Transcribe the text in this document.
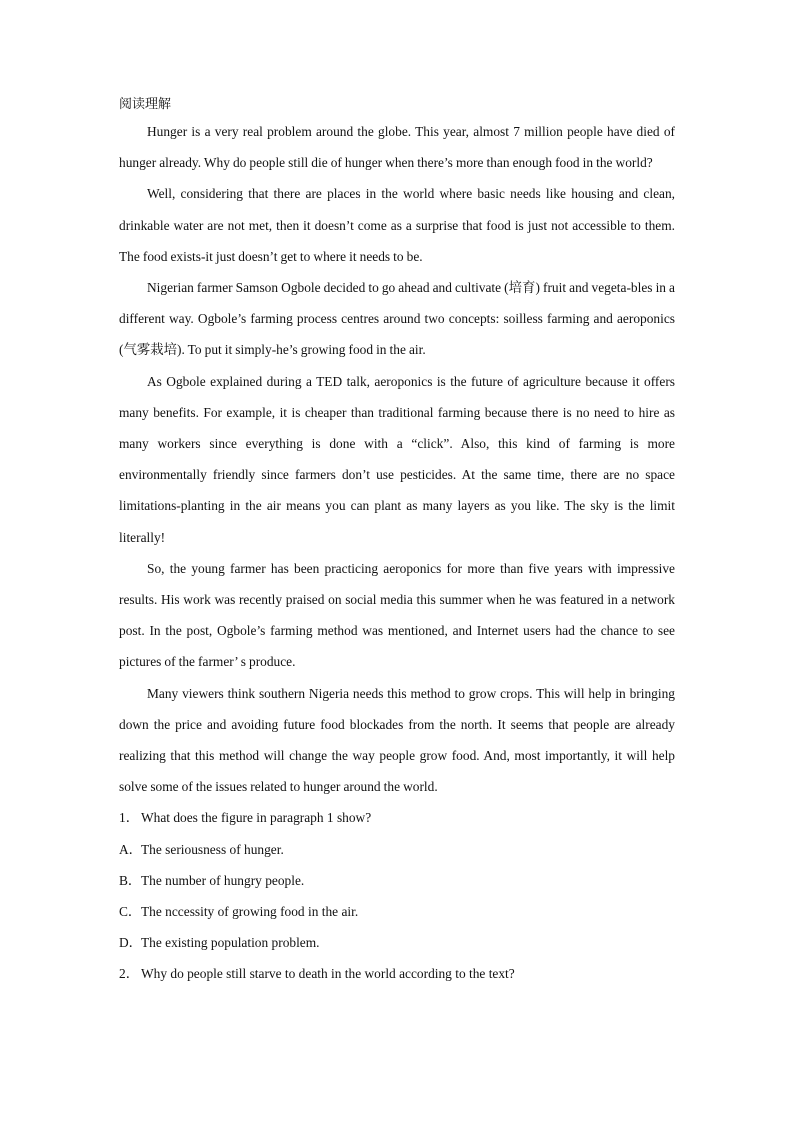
阅读理解

Hunger is a very real problem around the globe. This year, almost 7 million people have died of hunger already. Why do people still die of hunger when there’s more than enough food in the world?

Well, considering that there are places in the world where basic needs like housing and clean, drinkable water are not met, then it doesn’t come as a surprise that food is just not accessible to them. The food exists-it just doesn’t get to where it needs to be.

Nigerian farmer Samson Ogbole decided to go ahead and cultivate (培育) fruit and vegeta-bles in a different way. Ogbole’s farming process centres around two concepts: soilless farming and aeroponics (气雾栽培). To put it simply-he’s growing food in the air.

As Ogbole explained during a TED talk, aeroponics is the future of agriculture because it offers many benefits. For example, it is cheaper than traditional farming because there is no need to hire as many workers since everything is done with a “click”. Also, this kind of farming is more environmentally friendly since farmers don’t use pesticides. At the same time, there are no space limitations-planting in the air means you can plant as many layers as you like. The sky is the limit literally!

So, the young farmer has been practicing aeroponics for more than five years with impressive results. His work was recently praised on social media this summer when he was featured in a network post. In the post, Ogbole’s farming method was mentioned, and Internet users had the chance to see pictures of the farmer’ s produce.

Many viewers think southern Nigeria needs this method to grow crops. This will help in bringing down the price and avoiding future food blockades from the north. It seems that people are already realizing that this method will change the way people grow food. And, most importantly, it will help solve some of the issues related to hunger around the world.

1． What does the figure in paragraph 1 show?
A．The seriousness of hunger.
B．The number of hungry people.
C．The nccessity of growing food in the air.
D．The existing population problem.
2． Why do people still starve to death in the world according to the text?
